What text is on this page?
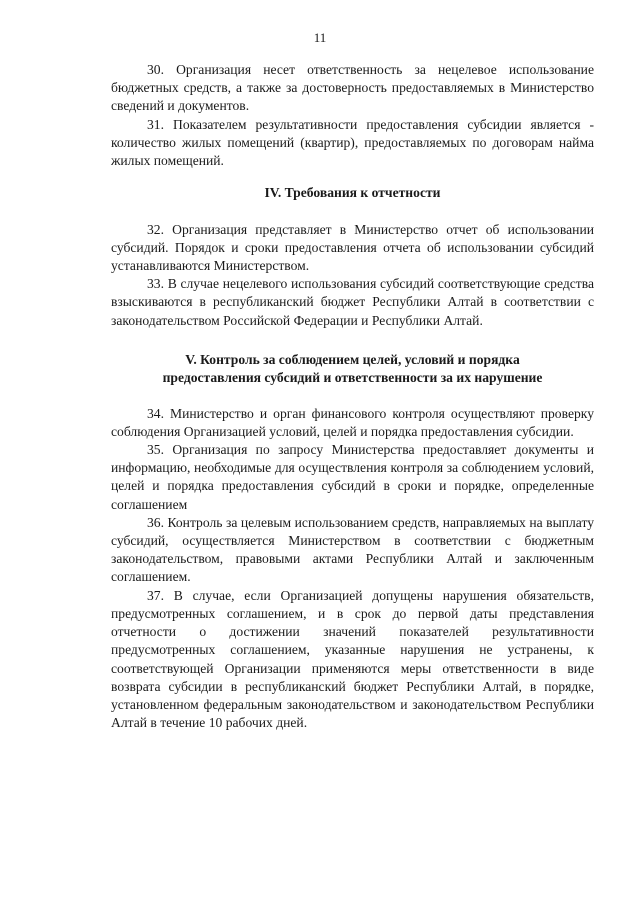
11

30. Организация несет ответственность за нецелевое использование бюджетных средств, а также за достоверность предоставляемых в Министерство сведений и документов.

31. Показателем результативности предоставления субсидии является - количество жилых помещений (квартир), предоставляемых по договорам найма жилых помещений.

IV. Требования к отчетности

32. Организация представляет в Министерство отчет об использовании субсидий. Порядок и сроки предоставления отчета об использовании субсидий устанавливаются Министерством.

33. В случае нецелевого использования субсидий соответствующие средства взыскиваются в республиканский бюджет Республики Алтай в соответствии с законодательством Российской Федерации и Республики Алтай.

V. Контроль за соблюдением целей, условий и порядка

предоставления субсидий и ответственности за их нарушение

34. Министерство и орган финансового контроля осуществляют проверку соблюдения Организацией условий, целей и порядка предоставления субсидии.

35. Организация по запросу Министерства предоставляет документы и информацию, необходимые для осуществления контроля за соблюдением условий, целей и порядка предоставления субсидий в сроки и порядке, определенные соглашением

36. Контроль за целевым использованием средств, направляемых на выплату субсидий, осуществляется Министерством в соответствии с бюджетным законодательством, правовыми актами Республики Алтай и заключенным соглашением.

37. В случае, если Организацией допущены нарушения обязательств, предусмотренных соглашением, и в срок до первой даты представления отчетности о достижении значений показателей результативности предусмотренных соглашением, указанные нарушения не устранены, к соответствующей Организации применяются меры ответственности в виде возврата субсидии в республиканский бюджет Республики Алтай, в порядке, установленном федеральным законодательством и законодательством Республики Алтай в течение 10 рабочих дней.
